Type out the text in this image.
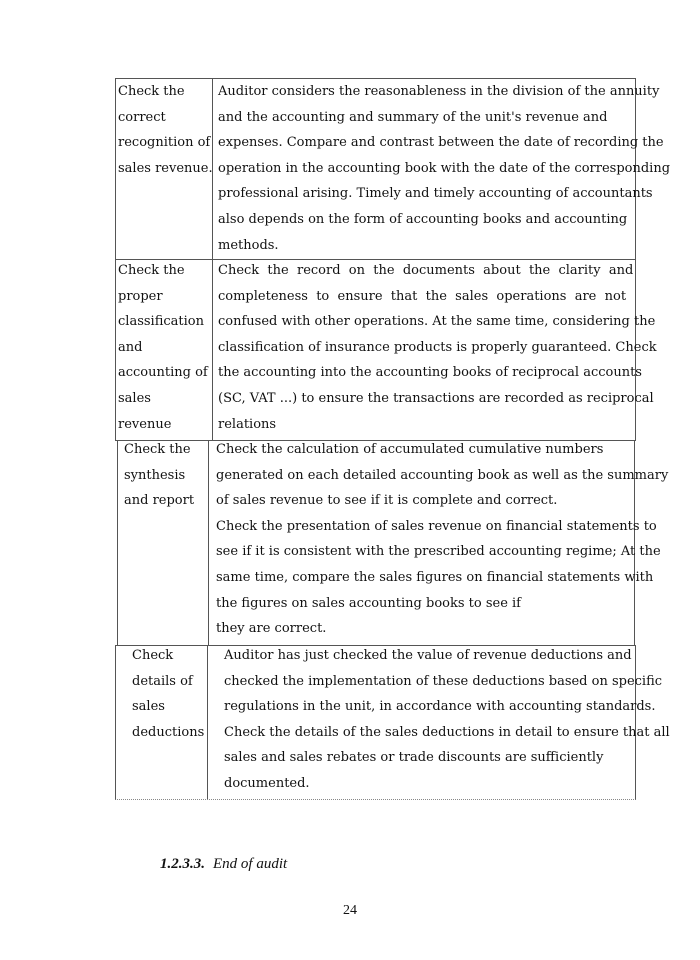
Check the

correct

recognition of

sales revenue.

Auditor considers the reasonableness in the division of the annuity

and the accounting and summary of the unit's revenue and

expenses. Compare and contrast between the date of recording the

operation in the accounting book with the date of the corresponding

professional arising. Timely and timely accounting of accountants

also depends on the form of accounting books and accounting

methods.

Check the

proper

classification

and

accounting of

sales

revenue

Check  the  record  on  the  documents  about  the  clarity  and

completeness  to  ensure  that  the  sales  operations  are  not

confused with other operations. At the same time, considering the

classification of insurance products is properly guaranteed. Check

the accounting into the accounting books of reciprocal accounts

(SC, VAT ...) to ensure the transactions are recorded as reciprocal

relations

Check the

synthesis

and report

Check the calculation of accumulated cumulative numbers

generated on each detailed accounting book as well as the summary

of sales revenue to see if it is complete and correct.

Check the presentation of sales revenue on financial statements to

see if it is consistent with the prescribed accounting regime; At the

same time, compare the sales figures on financial statements with

the figures on sales accounting books to see if

they are correct.

Check

details of

sales

deductions

Auditor has just checked the value of revenue deductions and

checked the implementation of these deductions based on specific

regulations in the unit, in accordance with accounting standards.

Check the details of the sales deductions in detail to ensure that all

sales and sales rebates or trade discounts are sufficiently

documented.

1.2.3.3. End of audit
24
